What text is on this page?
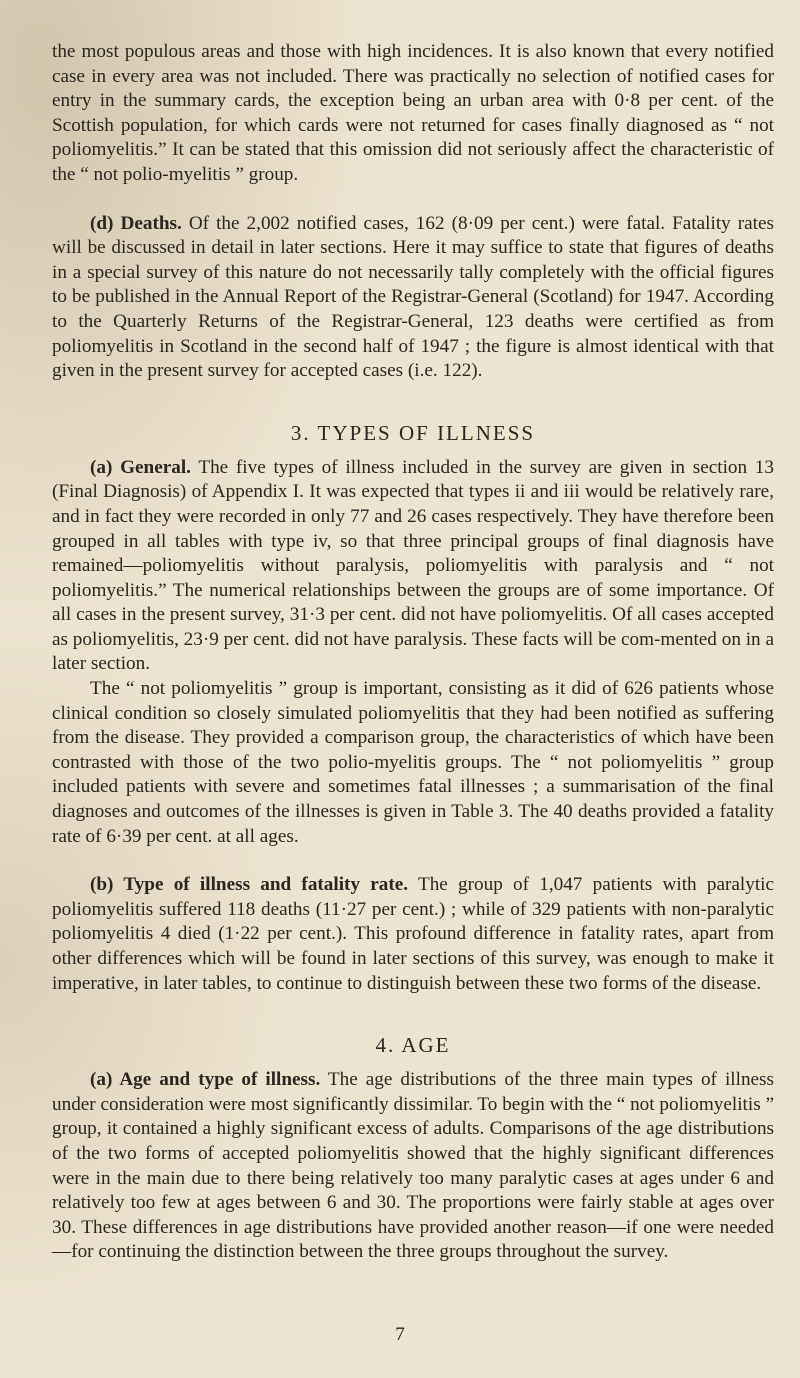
the most populous areas and those with high incidences. It is also known that every notified case in every area was not included. There was practically no selection of notified cases for entry in the summary cards, the exception being an urban area with 0·8 per cent. of the Scottish population, for which cards were not returned for cases finally diagnosed as “ not poliomyelitis.” It can be stated that this omission did not seriously affect the characteristic of the “ not polio-myelitis ” group.

(d) Deaths. Of the 2,002 notified cases, 162 (8·09 per cent.) were fatal. Fatality rates will be discussed in detail in later sections. Here it may suffice to state that figures of deaths in a special survey of this nature do not necessarily tally completely with the official figures to be published in the Annual Report of the Registrar-General (Scotland) for 1947. According to the Quarterly Returns of the Registrar-General, 123 deaths were certified as from poliomyelitis in Scotland in the second half of 1947 ; the figure is almost identical with that given in the present survey for accepted cases (i.e. 122).

3. TYPES OF ILLNESS

(a) General. The five types of illness included in the survey are given in section 13 (Final Diagnosis) of Appendix I. It was expected that types ii and iii would be relatively rare, and in fact they were recorded in only 77 and 26 cases respectively. They have therefore been grouped in all tables with type iv, so that three principal groups of final diagnosis have remained—poliomyelitis without paralysis, poliomyelitis with paralysis and “ not poliomyelitis.” The numerical relationships between the groups are of some importance. Of all cases in the present survey, 31·3 per cent. did not have poliomyelitis. Of all cases accepted as poliomyelitis, 23·9 per cent. did not have paralysis. These facts will be com-mented on in a later section.

The “ not poliomyelitis ” group is important, consisting as it did of 626 patients whose clinical condition so closely simulated poliomyelitis that they had been notified as suffering from the disease. They provided a comparison group, the characteristics of which have been contrasted with those of the two polio-myelitis groups. The “ not poliomyelitis ” group included patients with severe and sometimes fatal illnesses ; a summarisation of the final diagnoses and outcomes of the illnesses is given in Table 3. The 40 deaths provided a fatality rate of 6·39 per cent. at all ages.

(b) Type of illness and fatality rate. The group of 1,047 patients with paralytic poliomyelitis suffered 118 deaths (11·27 per cent.) ; while of 329 patients with non-paralytic poliomyelitis 4 died (1·22 per cent.). This profound difference in fatality rates, apart from other differences which will be found in later sections of this survey, was enough to make it imperative, in later tables, to continue to distinguish between these two forms of the disease.

4. AGE

(a) Age and type of illness. The age distributions of the three main types of illness under consideration were most significantly dissimilar. To begin with the “ not poliomyelitis ” group, it contained a highly significant excess of adults. Comparisons of the age distributions of the two forms of accepted poliomyelitis showed that the highly significant differences were in the main due to there being relatively too many paralytic cases at ages under 6 and relatively too few at ages between 6 and 30. The proportions were fairly stable at ages over 30. These differences in age distributions have provided another reason—if one were needed—for continuing the distinction between the three groups throughout the survey.

7
